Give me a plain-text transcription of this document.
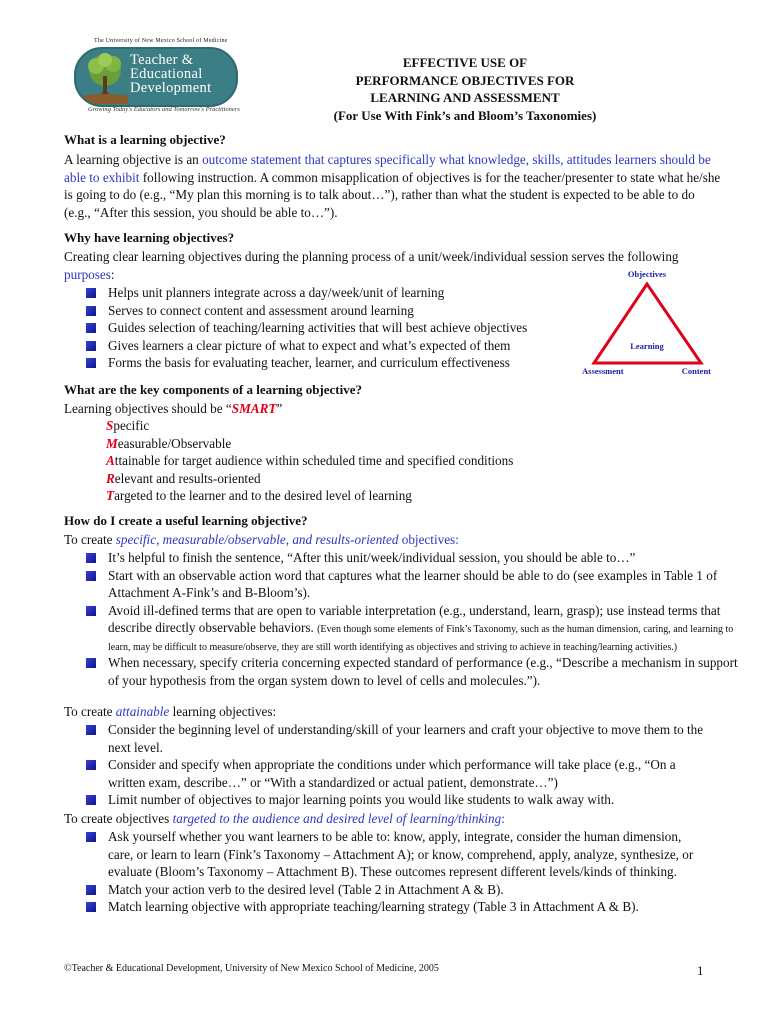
The University of New Mexico School of Medicine
Teacher &
Educational
Development
Growing Today's Educators and Tomorrow's Practitioners
EFFECTIVE USE OF
PERFORMANCE OBJECTIVES FOR
LEARNING AND ASSESSMENT
(For Use With Fink’s and Bloom’s Taxonomies)
What is a learning objective?
A learning objective is an outcome statement that captures specifically what knowledge, skills, attitudes learners should be able to exhibit following instruction. A common misapplication of objectives is for the teacher/presenter to state what he/she is going to do (e.g., “My plan this morning is to talk about…”), rather than what the student is expected to be able to do (e.g., “After this session, you should be able to…”).
Why have learning objectives?
Creating clear learning objectives during the planning process of a unit/week/individual session serves the following purposes:
Helps unit planners integrate across a day/week/unit of learning
Serves to connect content and assessment around learning
Guides selection of teaching/learning activities that will best achieve objectives
Gives learners a clear picture of what to expect and what’s expected of them
Forms the basis for evaluating teacher, learner, and curriculum effectiveness
Objectives
Learning
Assessment	Content
What are the key components of a learning objective?
Learning objectives should be “SMART”
Specific
Measurable/Observable
Attainable for target audience within scheduled time and specified conditions
Relevant and results-oriented
Targeted to the learner and to the desired level of learning
How do I create a useful learning objective?
To create specific, measurable/observable, and results-oriented objectives:
It’s helpful to finish the sentence, “After this unit/week/individual session, you should be able to…”
Start with an observable action word that captures what the learner should be able to do (see examples in Table 1 of Attachment A-Fink’s and B-Bloom’s).
Avoid ill-defined terms that are open to variable interpretation (e.g., understand, learn, grasp); use instead terms that describe directly observable behaviors. (Even though some elements of Fink’s Taxonomy, such as the human dimension, caring, and learning to learn, may be difficult to measure/observe, they are still worth identifying as objectives and striving to achieve in teaching/learning activities.)
When necessary, specify criteria concerning expected standard of performance (e.g., “Describe a mechanism in support of your hypothesis from the organ system down to level of cells and molecules.”).
To create attainable learning objectives:
Consider the beginning level of understanding/skill of your learners and craft your objective to move them to the next level.
Consider and specify when appropriate the conditions under which performance will take place (e.g., “On a written exam, describe…” or “With a standardized or actual patient, demonstrate…”)
Limit number of objectives to major learning points you would like students to walk away with.
To create objectives targeted to the audience and desired level of learning/thinking:
Ask yourself whether you want learners to be able to: know, apply, integrate, consider the human dimension, care, or learn to learn (Fink’s Taxonomy – Attachment A); or know, comprehend, apply, analyze, synthesize, or evaluate (Bloom’s Taxonomy – Attachment B). These outcomes represent different levels/kinds of thinking.
Match your action verb to the desired level (Table 2 in Attachment A & B).
Match learning objective with appropriate teaching/learning strategy (Table 3 in Attachment A & B).
©Teacher & Educational Development, University of New Mexico School of Medicine, 2005	1
